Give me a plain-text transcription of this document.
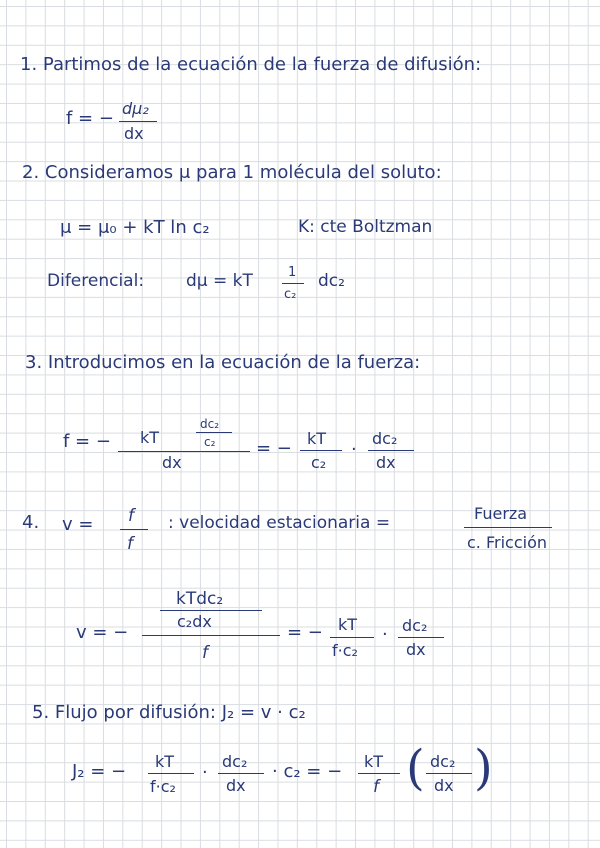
1. Partimos de la ecuación de la fuerza de difusión:
f = − dμ₂
dx
2. Consideramos μ para 1 molécula del soluto:
μ = μ₀ + kT ln c₂	K: cte Boltzman
Diferencial: dμ = kT	1
c₂
dc₂
3. Introducimos en la ecuación de la fuerza:
f = − kT
dc₂
c₂
dx
= − kT
c₂
·
dc₂
dx
4. v = f
f
: velocidad estacionaria =	Fuerza
c. Fricción
v = −
kTdc₂
c₂dx
f
= − kT
f·c₂
· dc₂
dx
5. Flujo por difusión: J₂ = v · c₂
J₂ = − kT
f·c₂
·
dc₂
dx
· c₂ = − kT
f ( dc₂
dx )
